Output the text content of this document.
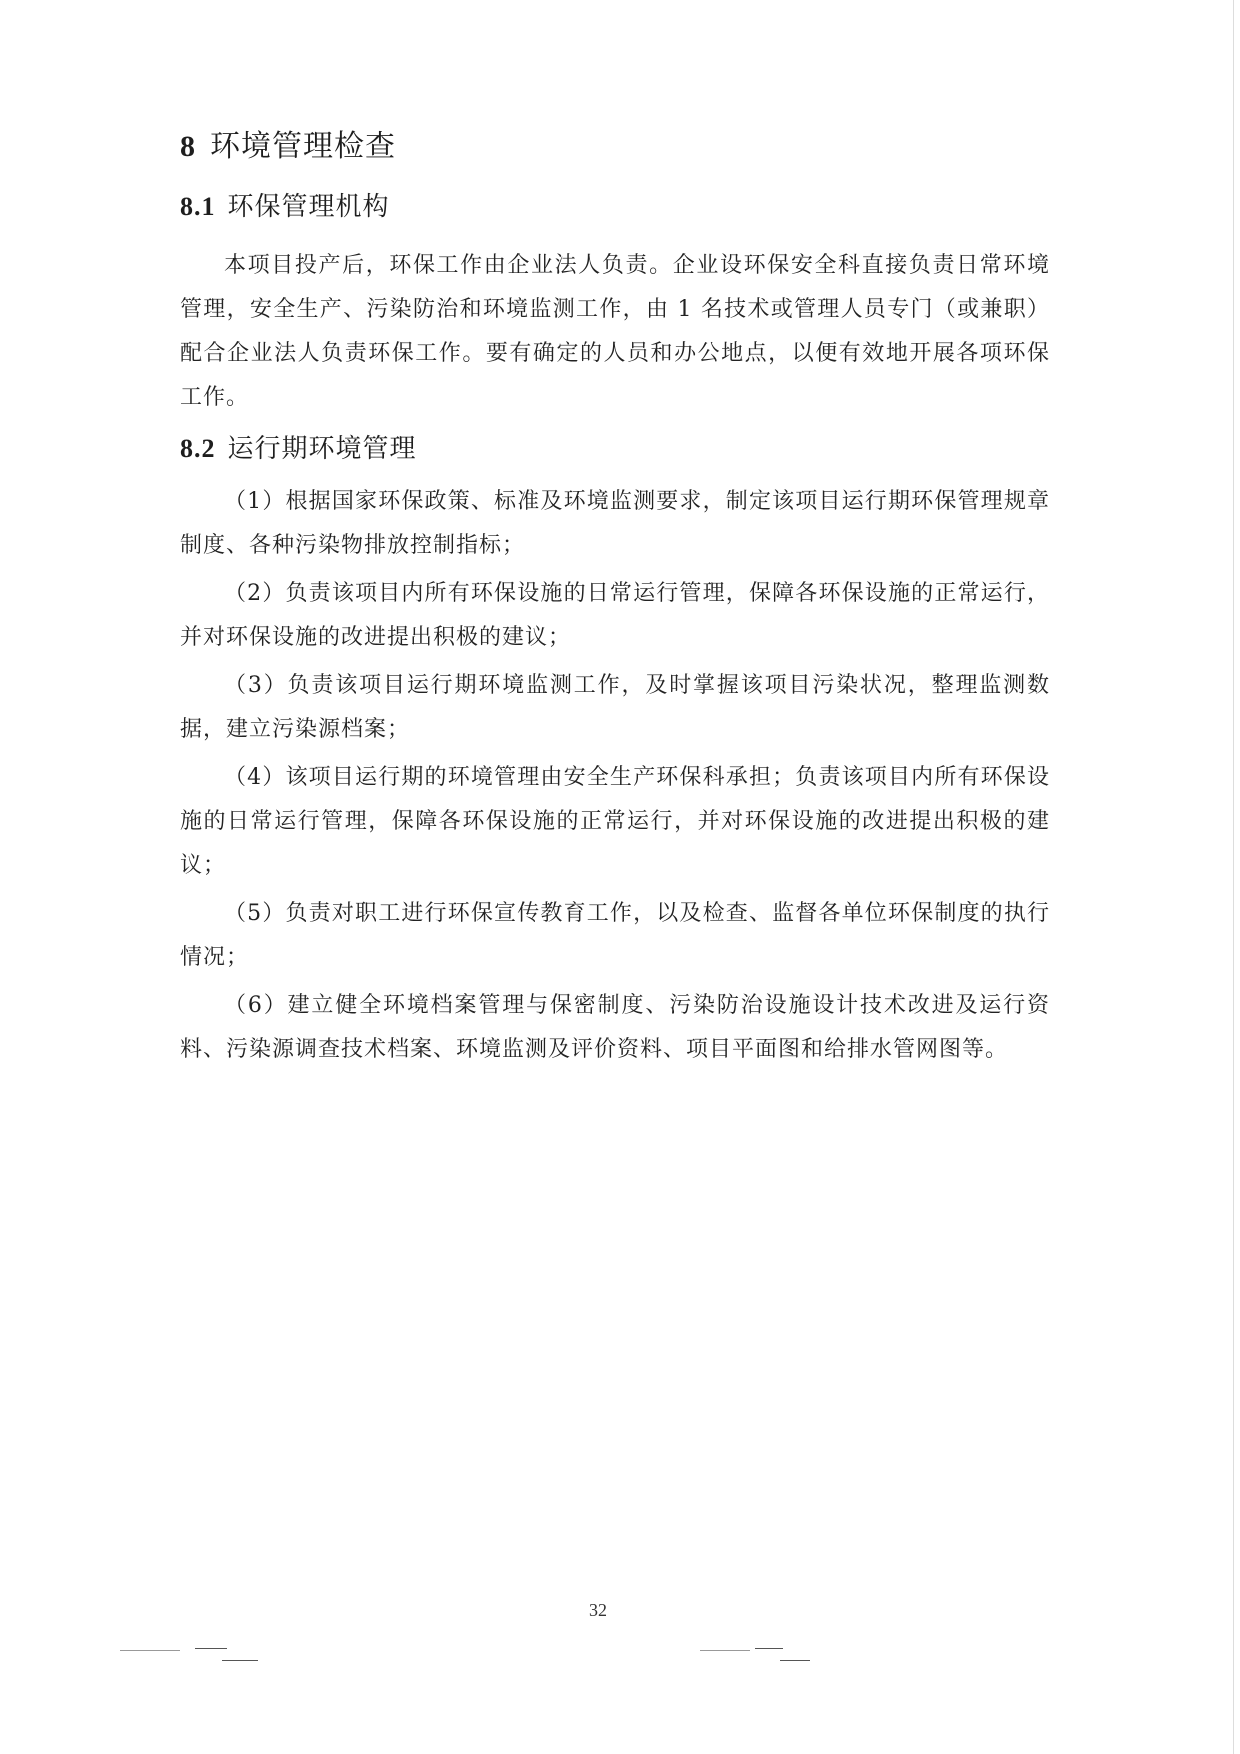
8 环境管理检查
8.1 环保管理机构

本项目投产后，环保工作由企业法人负责。企业设环保安全科直接负责日常环境管理，安全生产、污染防治和环境监测工作，由 1 名技术或管理人员专门（或兼职）配合企业法人负责环保工作。要有确定的人员和办公地点，以便有效地开展各项环保工作。

8.2 运行期环境管理

（1）根据国家环保政策、标准及环境监测要求，制定该项目运行期环保管理规章制度、各种污染物排放控制指标；

（2）负责该项目内所有环保设施的日常运行管理，保障各环保设施的正常运行，并对环保设施的改进提出积极的建议；

（3）负责该项目运行期环境监测工作，及时掌握该项目污染状况，整理监测数据，建立污染源档案；

（4）该项目运行期的环境管理由安全生产环保科承担；负责该项目内所有环保设施的日常运行管理，保障各环保设施的正常运行，并对环保设施的改进提出积极的建议；

（5）负责对职工进行环保宣传教育工作，以及检查、监督各单位环保制度的执行情况；

（6）建立健全环境档案管理与保密制度、污染防治设施设计技术改进及运行资料、污染源调查技术档案、环境监测及评价资料、项目平面图和给排水管网图等。

32
